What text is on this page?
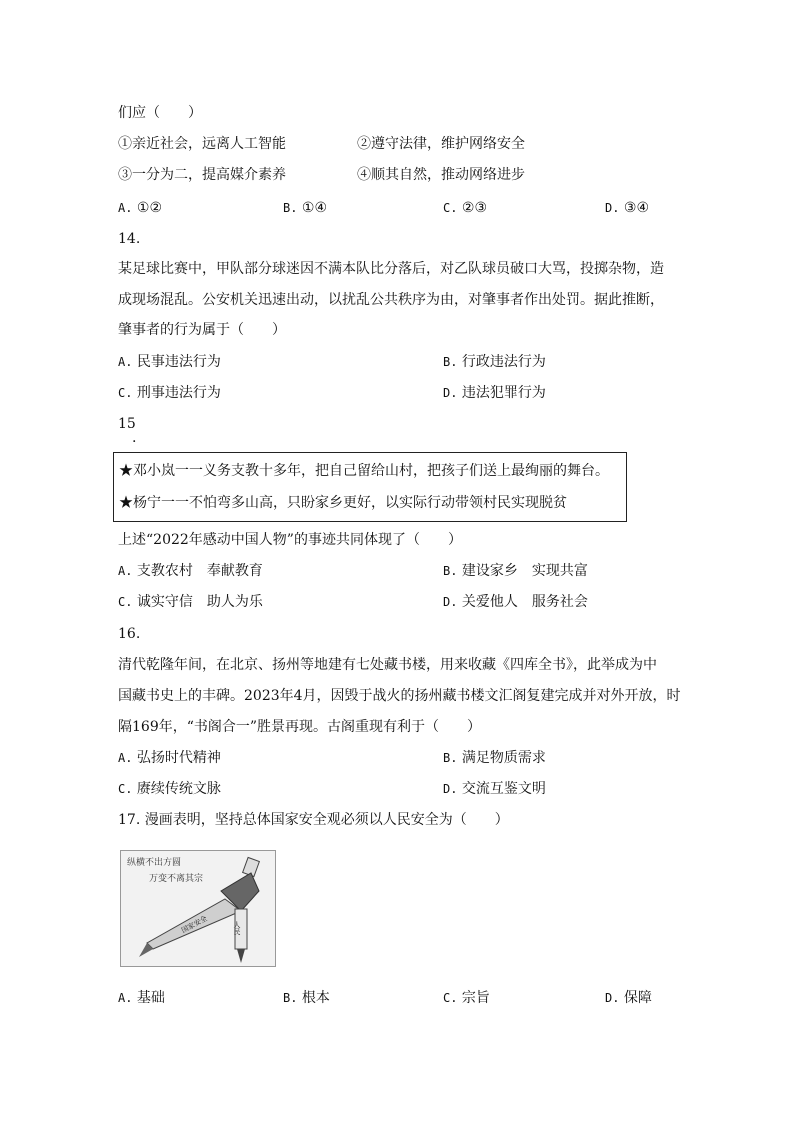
们应（　　）
①亲近社会，远离人工智能	②遵守法律，维护网络安全
③一分为二，提高媒介素养	④顺其自然，推动网络进步
A. ①②	B. ①④	C. ②③	D. ③④
14.
某足球比赛中，甲队部分球迷因不满本队比分落后，对乙队球员破口大骂，投掷杂物，造
成现场混乱。公安机关迅速出动，以扰乱公共秩序为由，对肇事者作出处罚。据此推断，
肇事者的行为属于（　　）
A. 民事违法行为	B. 行政违法行为
C. 刑事违法行为	D. 违法犯罪行为
15
.
★邓小岚一一义务支教十多年，把自己留给山村，把孩子们送上最绚丽的舞台。
★杨宁一一不怕弯多山高，只盼家乡更好，以实际行动带领村民实现脱贫
上述“2022年感动中国人物”的事迹共同体现了（　　）
A. 支教农村　奉献教育	B. 建设家乡　实现共富
C. 诚实守信　助人为乐	D. 关爱他人　服务社会
16.
清代乾隆年间，在北京、扬州等地建有七处藏书楼，用来收藏《四库全书》，此举成为中
国藏书史上的丰碑。2023年4月，因毁于战火的扬州藏书楼文汇阁复建完成并对外开放，时
隔169年，“书阁合一”胜景再现。古阁重现有利于（　　）
A. 弘扬时代精神	B. 满足物质需求
C. 赓续传统文脉	D. 交流互鉴文明
17. 漫画表明，坚持总体国家安全观必须以人民安全为（　　）
纵横不出方圆
万变不离其宗
国家安全	人民
A. 基础	B. 根本	C. 宗旨	D. 保障
